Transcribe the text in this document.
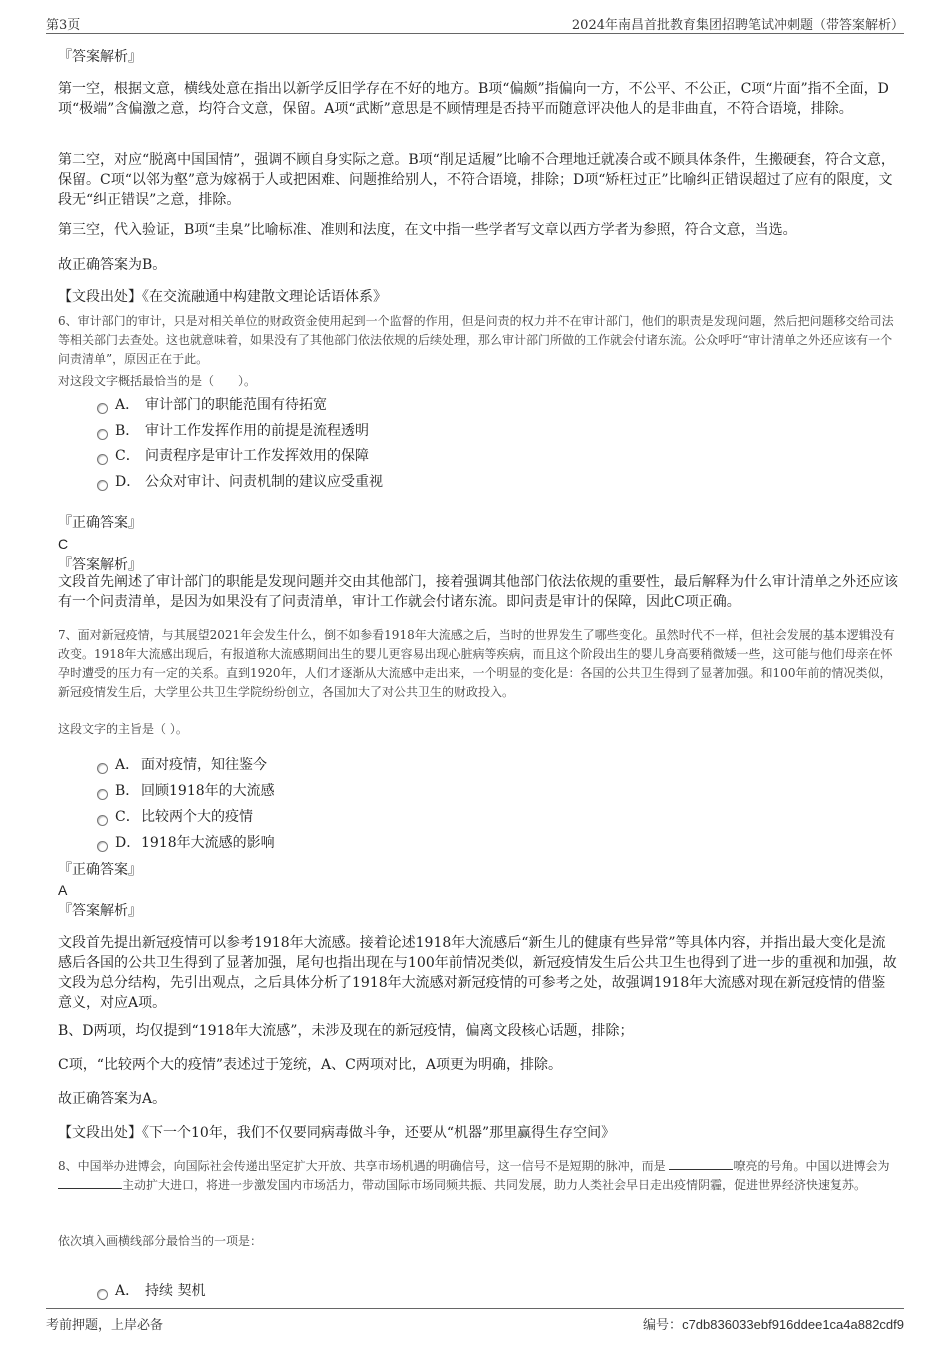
第3页	2024年南昌首批教育集团招聘笔试冲刺题（带答案解析）
『答案解析』
第一空，根据文意，横线处意在指出以新学反旧学存在不好的地方。B项“偏颇”指偏向一方，不公平、不公正，C项“片面”指不全面，D项“极端”含偏激之意，均符合文意，保留。A项“武断”意思是不顾情理是否持平而随意评决他人的是非曲直，不符合语境，排除。
第二空，对应“脱离中国国情”，强调不顾自身实际之意。B项“削足适履”比喻不合理地迁就凑合或不顾具体条件，生搬硬套，符合文意，保留。C项“以邻为壑”意为嫁祸于人或把困难、问题推给别人，不符合语境，排除；D项“矫枉过正”比喻纠正错误超过了应有的限度，文段无“纠正错误”之意，排除。
第三空，代入验证，B项“圭臬”比喻标准、准则和法度，在文中指一些学者写文章以西方学者为参照，符合文意，当选。
故正确答案为B。
【文段出处】《在交流融通中构建散文理论话语体系》
6、审计部门的审计，只是对相关单位的财政资金使用起到一个监督的作用，但是问责的权力并不在审计部门，他们的职责是发现问题，然后把问题移交给司法等相关部门去查处。这也就意味着，如果没有了其他部门依法依规的后续处理，那么审计部门所做的工作就会付诸东流。公众呼吁“审计清单之外还应该有一个问责清单”，原因正在于此。
对这段文字概括最恰当的是（　　）。
A． 审计部门的职能范围有待拓宽
B． 审计工作发挥作用的前提是流程透明
C． 问责程序是审计工作发挥效用的保障
D． 公众对审计、问责机制的建议应受重视
『正确答案』
C
『答案解析』
文段首先阐述了审计部门的职能是发现问题并交由其他部门，接着强调其他部门依法依规的重要性，最后解释为什么审计清单之外还应该有一个问责清单，是因为如果没有了问责清单，审计工作就会付诸东流。即问责是审计的保障，因此C项正确。
7、面对新冠疫情，与其展望2021年会发生什么，倒不如参看1918年大流感之后，当时的世界发生了哪些变化。虽然时代不一样，但社会发展的基本逻辑没有改变。1918年大流感出现后，有报道称大流感期间出生的婴儿更容易出现心脏病等疾病，而且这个阶段出生的婴儿身高要稍微矮一些，这可能与他们母亲在怀孕时遭受的压力有一定的关系。直到1920年，人们才逐渐从大流感中走出来，一个明显的变化是：各国的公共卫生得到了显著加强。和100年前的情况类似，新冠疫情发生后，大学里公共卫生学院纷纷创立，各国加大了对公共卫生的财政投入。
这段文字的主旨是（ ）。
A． 面对疫情，知往鉴今
B． 回顾1918年的大流感
C．比较两个大的疫情
D．1918年大流感的影响
『正确答案』
A
『答案解析』
文段首先提出新冠疫情可以参考1918年大流感。接着论述1918年大流感后“新生儿的健康有些异常”等具体内容，并指出最大变化是流感后各国的公共卫生得到了显著加强，尾句也指出现在与100年前情况类似，新冠疫情发生后公共卫生也得到了进一步的重视和加强，故文段为总分结构，先引出观点，之后具体分析了1918年大流感对新冠疫情的可参考之处，故强调1918年大流感对现在新冠疫情的借鉴意义，对应A项。
B、D两项，均仅提到“1918年大流感”，未涉及现在的新冠疫情，偏离文段核心话题，排除；
C项，“比较两个大的疫情”表述过于笼统，A、C两项对比，A项更为明确，排除。
故正确答案为A。
【文段出处】《下一个10年，我们不仅要同病毒做斗争，还要从“机器”那里赢得生存空间》
8、中国举办进博会，向国际社会传递出坚定扩大开放、共享市场机遇的明确信号，这一信号不是短期的脉冲，而是	嘹亮的号角。中国以进博会为 主动扩大进口，将进一步激发国内市场活力，带动国际市场同频共振、共同发展，助力人类社会早日走出疫情阴霾，促进世界经济快速复苏。
依次填入画横线部分最恰当的一项是：
A． 持续 契机
考前押题，上岸必备	编号：c7db836033ebf916ddee1ca4a882cdf9
